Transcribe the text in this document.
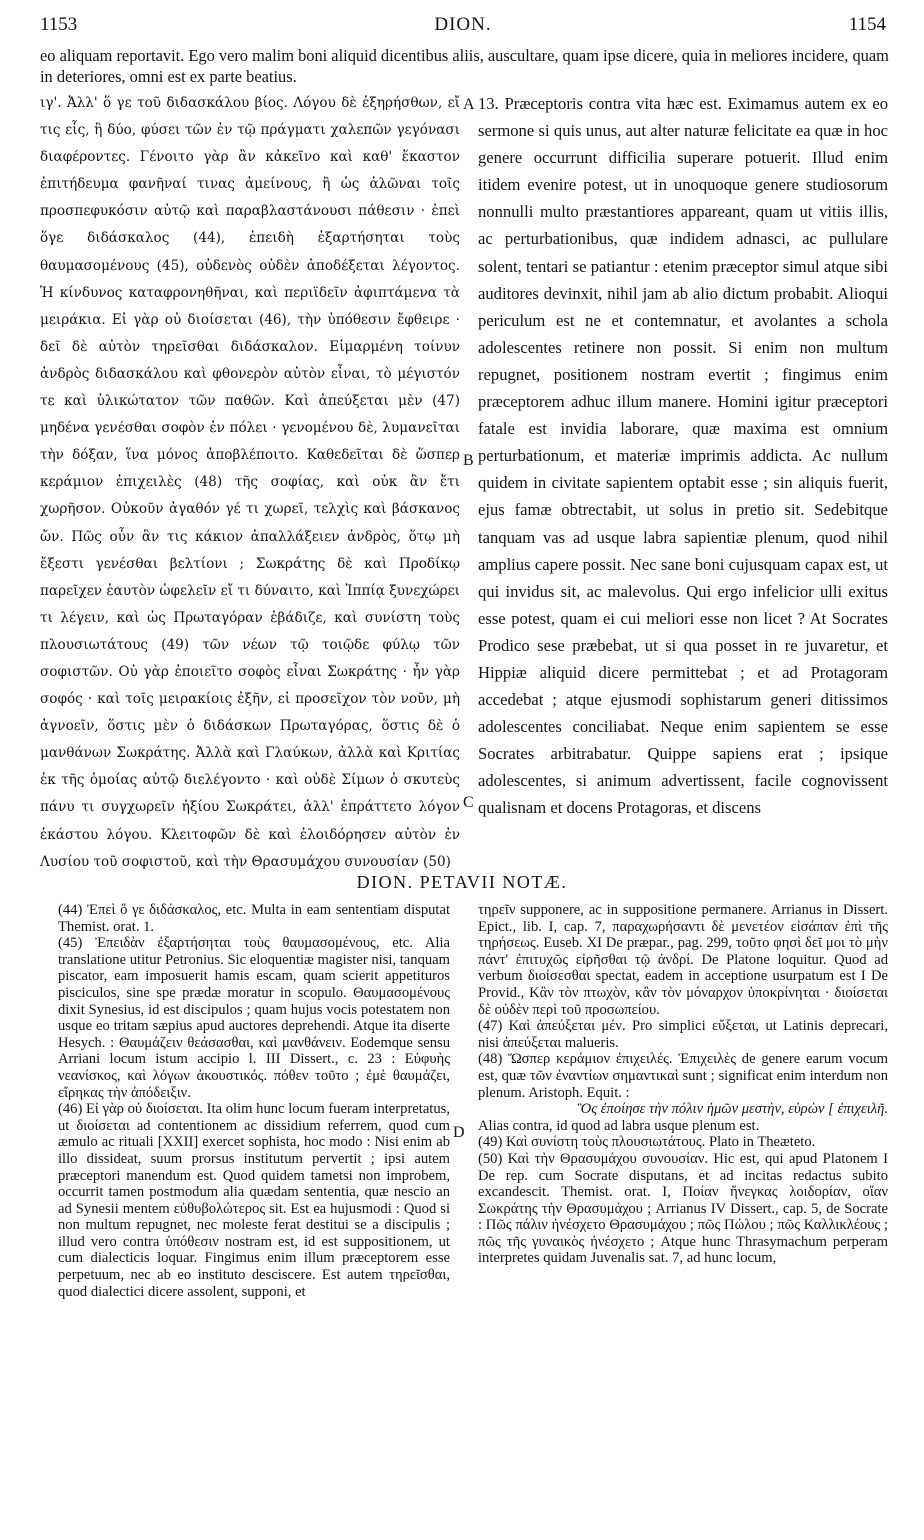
1153	DION.	1154

eo aliquam reportavit. Ego vero malim boni aliquid dicentibus aliis, auscultare, quam ipse dicere, quia in meliores incidere, quam in deteriores, omni est ex parte beatius.

ιγ'. Ἀλλ' ὅ γε τοῦ διδασκάλου βίος. Λόγου δὲ ἐξηρήσθων, εἴ τις εἷς, ἢ δύο, φύσει τῶν ἐν τῷ πράγματι χαλεπῶν γεγόνασι διαφέροντες. Γένοιτο γὰρ ἂν κἀκεῖνο καὶ καθ' ἕκαστον ἐπιτήδευμα φανῆναί τινας ἀμείνους, ἢ ὡς ἁλῶναι τοῖς προσπεφυκόσιν αὐτῷ καὶ παραβλαστάνουσι πάθεσιν · ἐπεὶ ὅγε διδάσκαλος (44), ἐπειδὴ ἐξαρτήσηται τοὺς θαυμασομένους (45), οὐδενὸς οὐδὲν ἀποδέξεται λέγοντος. Ἡ κίνδυνος καταφρονηθῆναι, καὶ περιϊδεῖν ἀφιπτάμενα τὰ μειράκια. Εἰ γὰρ οὐ διοίσεται (46), τὴν ὑπόθεσιν ἔφθειρε · δεῖ δὲ αὐτὸν τηρεῖσθαι διδάσκαλον. Εἱμαρμένη τοίνυν ἀνδρὸς διδασκάλου καὶ φθονερὸν αὐτὸν εἶναι, τὸ μέγιστόν τε καὶ ὑλικώτατον τῶν παθῶν. Καὶ ἀπεύξεται μὲν (47) μηδένα γενέσθαι σοφὸν ἐν πόλει · γενομένου δὲ, λυμανεῖται τὴν δόξαν, ἵνα μόνος ἀποβλέποιτο. Καθεδεῖται δὲ ὥσπερ κεράμιον ἐπιχειλὲς (48) τῆς σοφίας, καὶ οὐκ ἂν ἔτι χωρῆσον. Οὐκοῦν ἀγαθόν γέ τι χωρεῖ, τελχὶς καὶ βάσκανος ὤν. Πῶς οὖν ἂν τις κάκιον ἀπαλλάξειεν ἀνδρὸς, ὅτῳ μὴ ἔξεστι γενέσθαι βελτίονι ; Σωκράτης δὲ καὶ Προδίκῳ παρεῖχεν ἑαυτὸν ὠφελεῖν εἴ τι δύναιτο, καὶ Ἱππίᾳ ξυνεχώρει τι λέγειν, καὶ ὡς Πρωταγόραν ἐβάδιζε, καὶ συνίστη τοὺς πλουσιωτάτους (49) τῶν νέων τῷ τοιῷδε φύλῳ τῶν σοφιστῶν. Οὐ γὰρ ἐποιεῖτο σοφὸς εἶναι Σωκράτης · ἦν γὰρ σοφός · καὶ τοῖς μειρακίοις ἐξῆν, εἰ προσεῖχον τὸν νοῦν, μὴ ἀγνοεῖν, ὅστις μὲν ὁ διδάσκων Πρωταγόρας, ὅστις δὲ ὁ μανθάνων Σωκράτης. Ἀλλὰ καὶ Γλαύκων, ἀλλὰ καὶ Κριτίας ἐκ τῆς ὁμοίας αὐτῷ διελέγοντο · καὶ οὐδὲ Σίμων ὁ σκυτεὺς πάνυ τι συγχωρεῖν ἠξίου Σωκράτει, ἀλλ' ἐπράττετο λόγον ἑκάστου λόγου. Κλειτοφῶν δὲ καὶ ἐλοιδόρησεν αὐτὸν ἐν Λυσίου τοῦ σοφιστοῦ, καὶ τὴν Θρασυμάχου συνουσίαν (50)

A
B
C
D

13. Præceptoris contra vita hæc est. Eximamus autem ex eo sermone si quis unus, aut alter naturæ felicitate ea quæ in hoc genere occurrunt difficilia superare potuerit. Illud enim itidem evenire potest, ut in unoquoque genere studiosorum nonnulli multo præstantiores appareant, quam ut vitiis illis, ac perturbationibus, quæ indidem adnasci, ac pullulare solent, tentari se patiantur : etenim præceptor simul atque sibi auditores devinxit, nihil jam ab alio dictum probabit. Alioqui periculum est ne et contemnatur, et avolantes a schola adolescentes retinere non possit. Si enim non multum repugnet, positionem nostram evertit ; fingimus enim præceptorem adhuc illum manere. Homini igitur præceptori fatale est invidia laborare, quæ maxima est omnium perturbationum, et materiæ imprimis addicta. Ac nullum quidem in civitate sapientem optabit esse ; sin aliquis fuerit, ejus famæ obtrectabit, ut solus in pretio sit. Sedebitque tanquam vas ad usque labra sapientiæ plenum, quod nihil amplius capere possit. Nec sane boni cujusquam capax est, ut qui invidus sit, ac malevolus. Qui ergo infelicior ulli exitus esse potest, quam ei cui meliori esse non licet ? At Socrates Prodico sese præbebat, ut si qua posset in re juvaretur, et Hippiæ aliquid dicere permittebat ; et ad Protagoram accedebat ; atque ejusmodi sophistarum generi ditissimos adolescentes conciliabat. Neque enim sapientem se esse Socrates arbitrabatur. Quippe sapiens erat ; ipsique adolescentes, si animum advertissent, facile cognovissent qualisnam et docens Protagoras, et discens

DION. PETAVII NOTÆ.

(44) Ἐπεὶ ὅ γε διδάσκαλος, etc. Multa in eam sententiam disputat Themist. orat. 1.

(45) Ἐπειδὰν ἐξαρτήσηται τοὺς θαυμασομένους, etc. Alia translatione utitur Petronius. Sic eloquentiæ magister nisi, tanquam piscator, eam imposuerit hamis escam, quam scierit appetituros pisciculos, sine spe prædæ moratur in scopulo. Θαυμασομένους dixit Synesius, id est discipulos ; quam hujus vocis potestatem non usque eo tritam sæpius apud auctores deprehendi. Atque ita diserte Hesych. : Θαυμάζειν θεάσασθαι, καὶ μανθάνειν. Eodemque sensu Arriani locum istum accipio l. III Dissert., c. 23 : Εὐφυὴς νεανίσκος, καὶ λόγων ἀκουστικός. πόθεν τοῦτο ; ἐμὲ θαυμάζει, εἴρηκας τὴν ἀπόδειξιν.

(46) Εἰ γὰρ οὐ διοίσεται. Ita olim hunc locum fueram interpretatus, ut διοίσεται ad contentionem ac dissidium referrem, quod cum æmulo ac rituali [XXII] exercet sophista, hoc modo : Nisi enim ab illo dissideat, suum prorsus institutum pervertit ; ipsi autem præceptori manendum est. Quod quidem tametsi non improbem, occurrit tamen postmodum alia quædam sententia, quæ nescio an ad Synesii mentem εὐθυβολώτερος sit. Est ea hujusmodi : Quod si non multum repugnet, nec moleste ferat destitui se a discipulis ; illud vero contra ὑπόθεσιν nostram est, id est suppositionem, ut cum dialecticis loquar. Fingimus enim illum præceptorem esse perpetuum, nec ab eo instituto desciscere. Est autem τηρεῖσθαι, quod dialectici dicere assolent, supponi, et

τηρεῖν supponere, ac in suppositione permanere. Arrianus in Dissert. Epict., lib. I, cap. 7, παραχωρήσαντι δὲ μενετέον εἰσάπαν ἐπὶ τῆς τηρήσεως. Euseb. XI De præpar., pag. 299, τοῦτο φησὶ δεῖ μοι τὸ μὴν πάντ' ἐπιτυχῶς εἰρῆσθαι τῷ ἀνδρί. De Platone loquitur. Quod ad verbum διοίσεσθαι spectat, eadem in acceptione usurpatum est I De Provid., Κἂν τὸν πτωχὸν, κἂν τὸν μόναρχον ὑποκρίνηται · διοίσεται δὲ οὐδὲν περὶ τοῦ προσωπείου.

(47) Καὶ ἀπεύξεται μέν. Pro simplici εὔξεται, ut Latinis deprecari, nisi ἀπεύξεται malueris.

(48) Ὥσπερ κεράμιον ἐπιχειλές. Ἐπιχειλὲς de genere earum vocum est, quæ τῶν ἐναντίων σημαντικαὶ sunt ; significat enim interdum non plenum. Aristoph. Equit. :

Ὃς ἐποίησε τὴν πόλιν ἡμῶν μεστὴν, εὑρὼν [ ἐπιχειλῆ.

Alias contra, id quod ad labra usque plenum est.

(49) Καὶ συνίστη τοὺς πλουσιωτάτους. Plato in Theæteto.

(50) Καὶ τὴν Θρασυμάχου συνουσίαν. Hic est, qui apud Platonem I De rep. cum Socrate disputans, et ad incitas redactus subito excandescit. Themist. orat. I, Ποίαν ἤνεγκας λοιδορίαν, οἵαν Σωκράτης τὴν Θρασυμάχου ; Arrianus IV Dissert., cap. 5, de Socrate : Πῶς πάλιν ἠνέσχετο Θρασυμάχου ; πῶς Πώλου ; πῶς Καλλικλέους ; πῶς τῆς γυναικὸς ἠνέσχετο ; Atque hunc Thrasymachum perperam interpretes quidam Juvenalis sat. 7, ad hunc locum,
